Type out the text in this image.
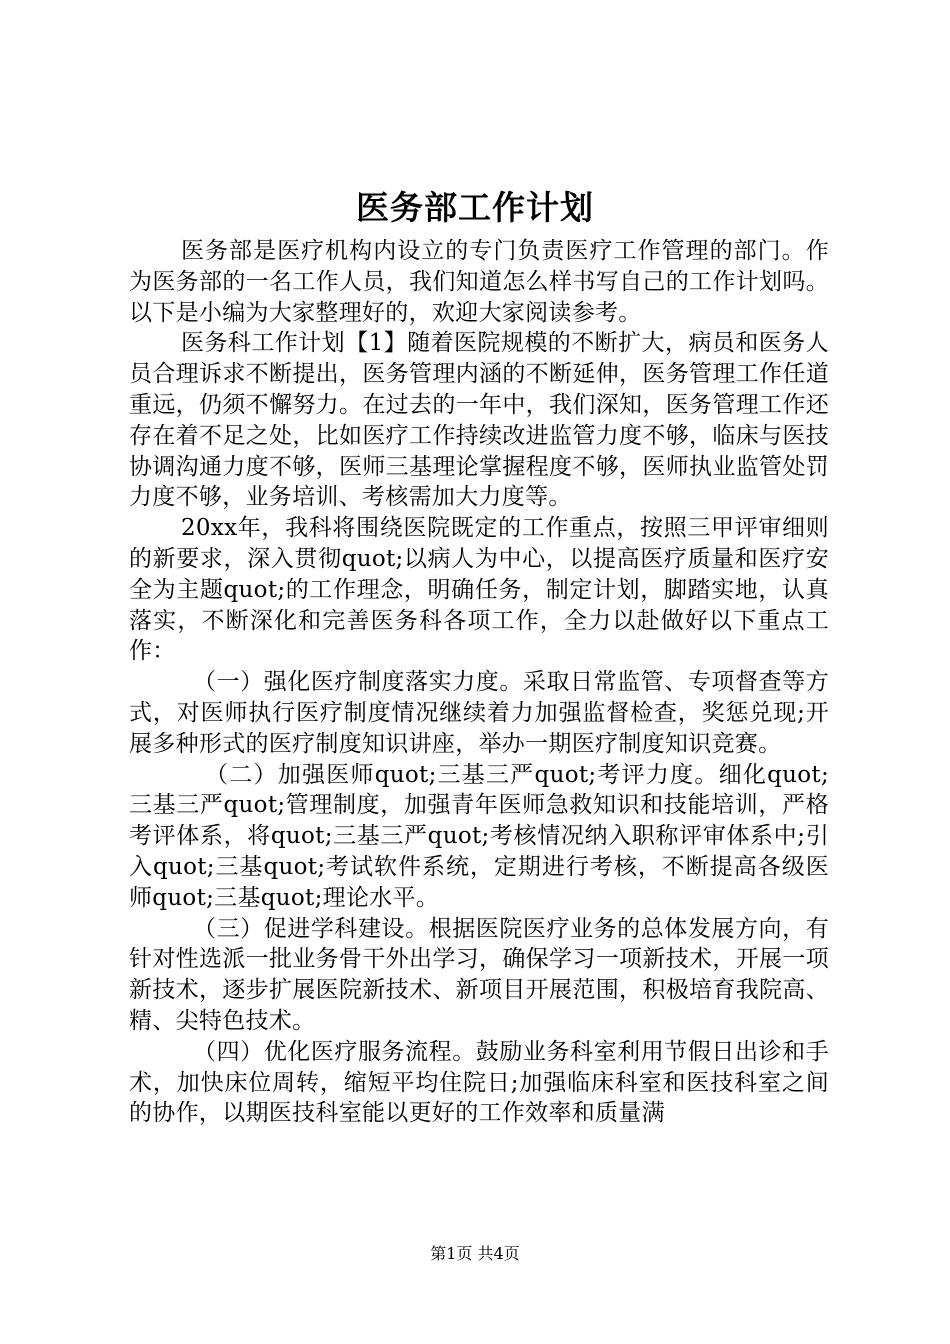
医务部工作计划

医务部是医疗机构内设立的专门负责医疗工作管理的部门。作为医务部的一名工作人员，我们知道怎么样书写自己的工作计划吗。以下是小编为大家整理好的，欢迎大家阅读参考。

医务科工作计划【1】随着医院规模的不断扩大，病员和医务人员合理诉求不断提出，医务管理内涵的不断延伸，医务管理工作任道重远，仍须不懈努力。在过去的一年中，我们深知，医务管理工作还存在着不足之处，比如医疗工作持续改进监管力度不够，临床与医技协调沟通力度不够，医师三基理论掌握程度不够，医师执业监管处罚力度不够，业务培训、考核需加大力度等。

20xx年，我科将围绕医院既定的工作重点，按照三甲评审细则的新要求，深入贯彻quot;以病人为中心，以提高医疗质量和医疗安全为主题quot;的工作理念，明确任务，制定计划，脚踏实地，认真落实，不断深化和完善医务科各项工作，全力以赴做好以下重点工作：

（一）强化医疗制度落实力度。采取日常监管、专项督查等方式，对医师执行医疗制度情况继续着力加强监督检查，奖惩兑现;开展多种形式的医疗制度知识讲座，举办一期医疗制度知识竞赛。

（二）加强医师quot;三基三严quot;考评力度。细化quot;三基三严quot;管理制度，加强青年医师急救知识和技能培训，严格考评体系，将quot;三基三严quot;考核情况纳入职称评审体系中;引入quot;三基quot;考试软件系统，定期进行考核，不断提高各级医师quot;三基quot;理论水平。

（三）促进学科建设。根据医院医疗业务的总体发展方向，有针对性选派一批业务骨干外出学习，确保学习一项新技术，开展一项新技术，逐步扩展医院新技术、新项目开展范围，积极培育我院高、精、尖特色技术。

（四）优化医疗服务流程。鼓励业务科室利用节假日出诊和手术，加快床位周转，缩短平均住院日;加强临床科室和医技科室之间的协作，以期医技科室能以更好的工作效率和质量满

第1页 共4页
